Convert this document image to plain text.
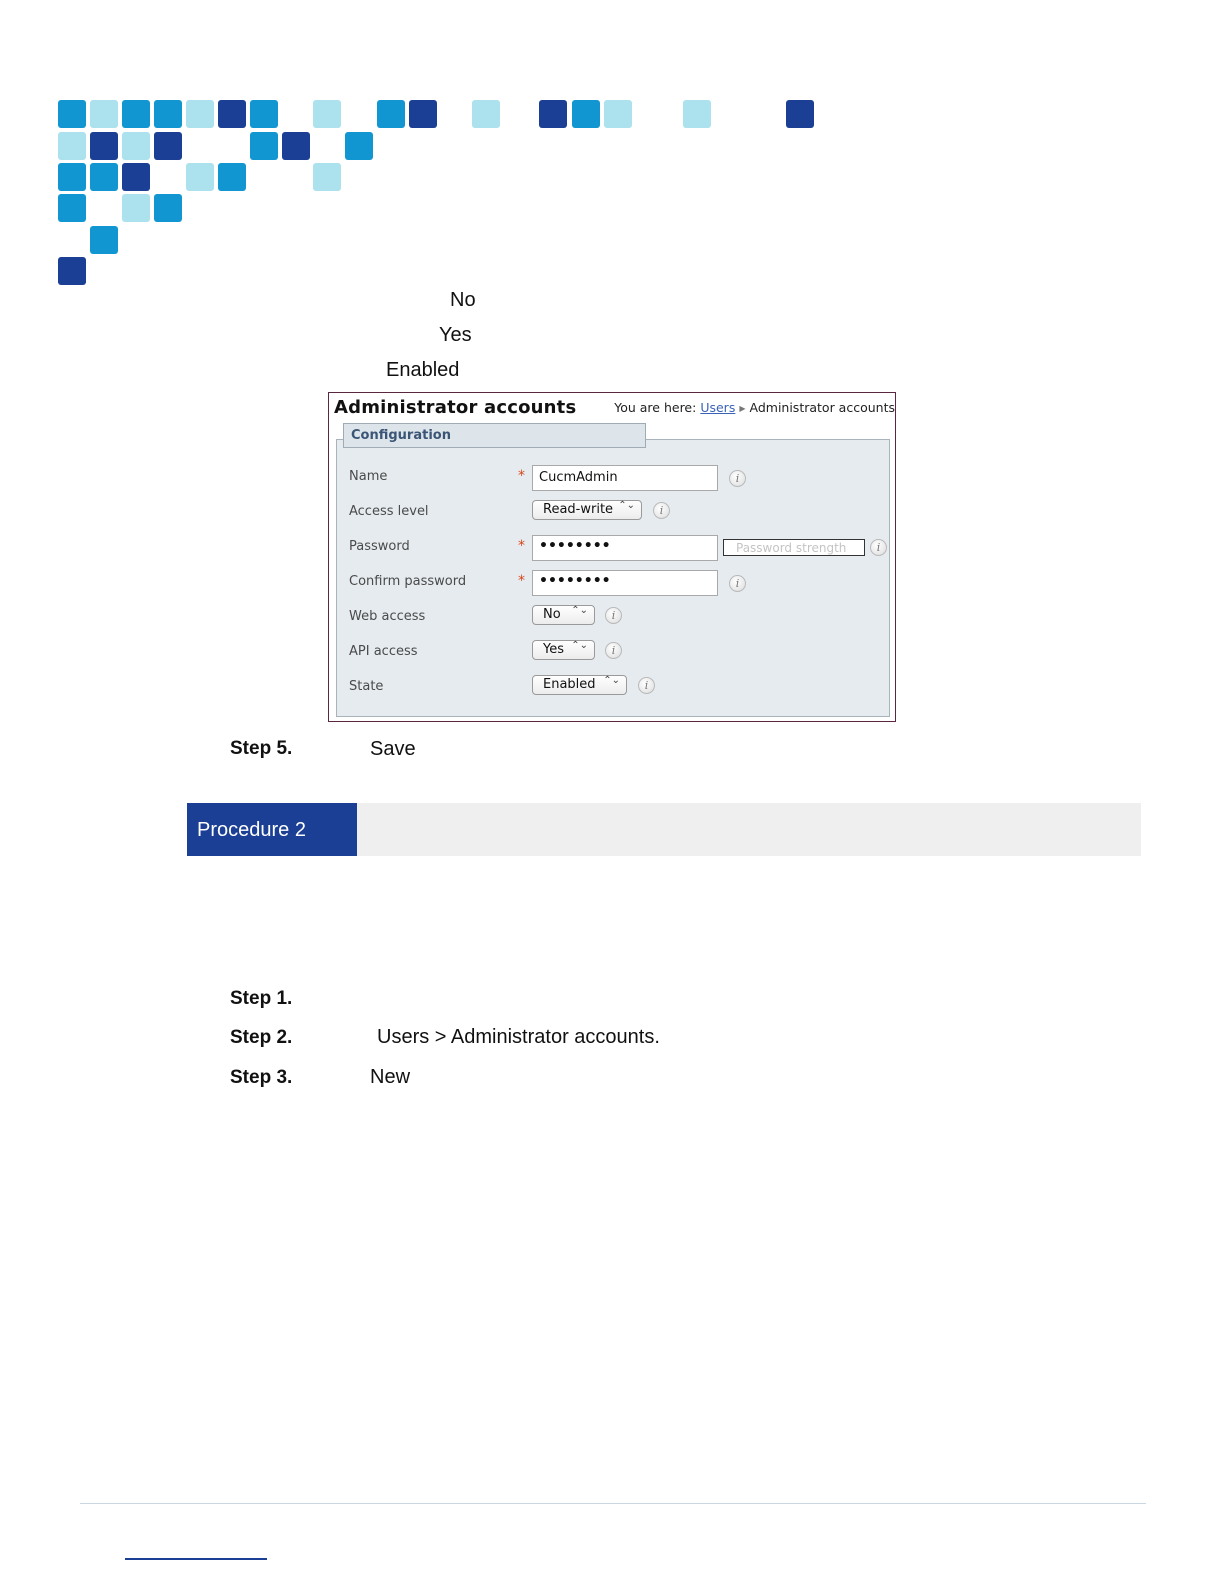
No
Yes
Enabled
Administrator accounts	You are here: Users ▶ Administrator accounts
Configuration
Name	*	CucmAdmin	i
Access level	Read-write ⌃⌄	i
Password	*	••••••••	Password strength	i
Confirm password	*	••••••••	i
Web access	No ⌃⌄	i
API access	Yes ⌃⌄	i
State	Enabled ⌃⌄	i
Step 5.	Save
Procedure 2
Step 1.
Step 2.	Users > Administrator accounts.
Step 3.	New
